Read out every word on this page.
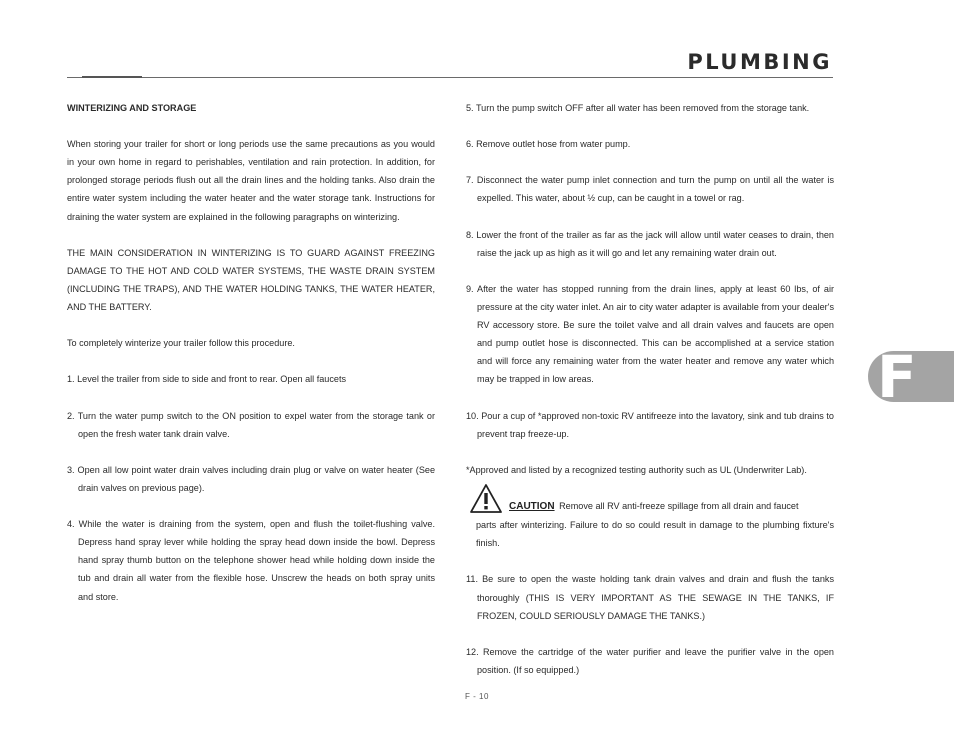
PLUMBING

WINTERIZING AND STORAGE

When storing your trailer for short or long periods use the same precautions as you would in your own home in regard to perishables, ventilation and rain protection. In addition, for prolonged storage periods flush out all the drain lines and the holding tanks. Also drain the entire water system including the water heater and the water storage tank. Instructions for draining the water system are explained in the following paragraphs on winterizing.

THE MAIN CONSIDERATION IN WINTERIZING IS TO GUARD AGAINST FREEZING DAMAGE TO THE HOT AND COLD WATER SYSTEMS, THE WASTE DRAIN SYSTEM (INCLUDING THE TRAPS), AND THE WATER HOLDING TANKS, THE WATER HEATER, AND THE BATTERY.

To completely winterize your trailer follow this procedure.

1. Level the trailer from side to side and front to rear. Open all faucets

2. Turn the water pump switch to the ON position to expel water from the storage tank or open the fresh water tank drain valve.

3. Open all low point water drain valves including drain plug or valve on water heater (See drain valves on previous page).

4. While the water is draining from the system, open and flush the toilet-flushing valve. Depress hand spray lever while holding the spray head down inside the bowl. Depress hand spray thumb button on the telephone shower head while holding down inside the tub and drain all water from the flexible hose. Unscrew the heads on both spray units and store.

5. Turn the pump switch OFF after all water has been removed from the storage tank.

6. Remove outlet hose from water pump.

7. Disconnect the water pump inlet connection and turn the pump on until all the water is expelled. This water, about ½ cup, can be caught in a towel or rag.

8. Lower the front of the trailer as far as the jack will allow until water ceases to drain, then raise the jack up as high as it will go and let any remaining water drain out.

9. After the water has stopped running from the drain lines, apply at least 60 lbs, of air pressure at the city water inlet. An air to city water adapter is available from your dealer's RV accessory store. Be sure the toilet valve and all drain valves and faucets are open and pump outlet hose is disconnected. This can be accomplished at a service station and will force any remaining water from the water heater and remove any water which may be trapped in low areas.

10. Pour a cup of *approved non-toxic RV antifreeze into the lavatory, sink and tub drains to prevent trap freeze-up.

*Approved and listed by a recognized testing authority such as UL (Underwriter Lab).

CAUTION Remove all RV anti-freeze spillage from all drain and faucet
parts after winterizing. Failure to do so could result in damage to the plumbing fixture's finish.

11. Be sure to open the waste holding tank drain valves and drain and flush the tanks thoroughly (THIS IS VERY IMPORTANT AS THE SEWAGE IN THE TANKS, IF FROZEN, COULD SERIOUSLY DAMAGE THE TANKS.)

12. Remove the cartridge of the water purifier and leave the purifier valve in the open position. (If so equipped.)

F
F - 10
